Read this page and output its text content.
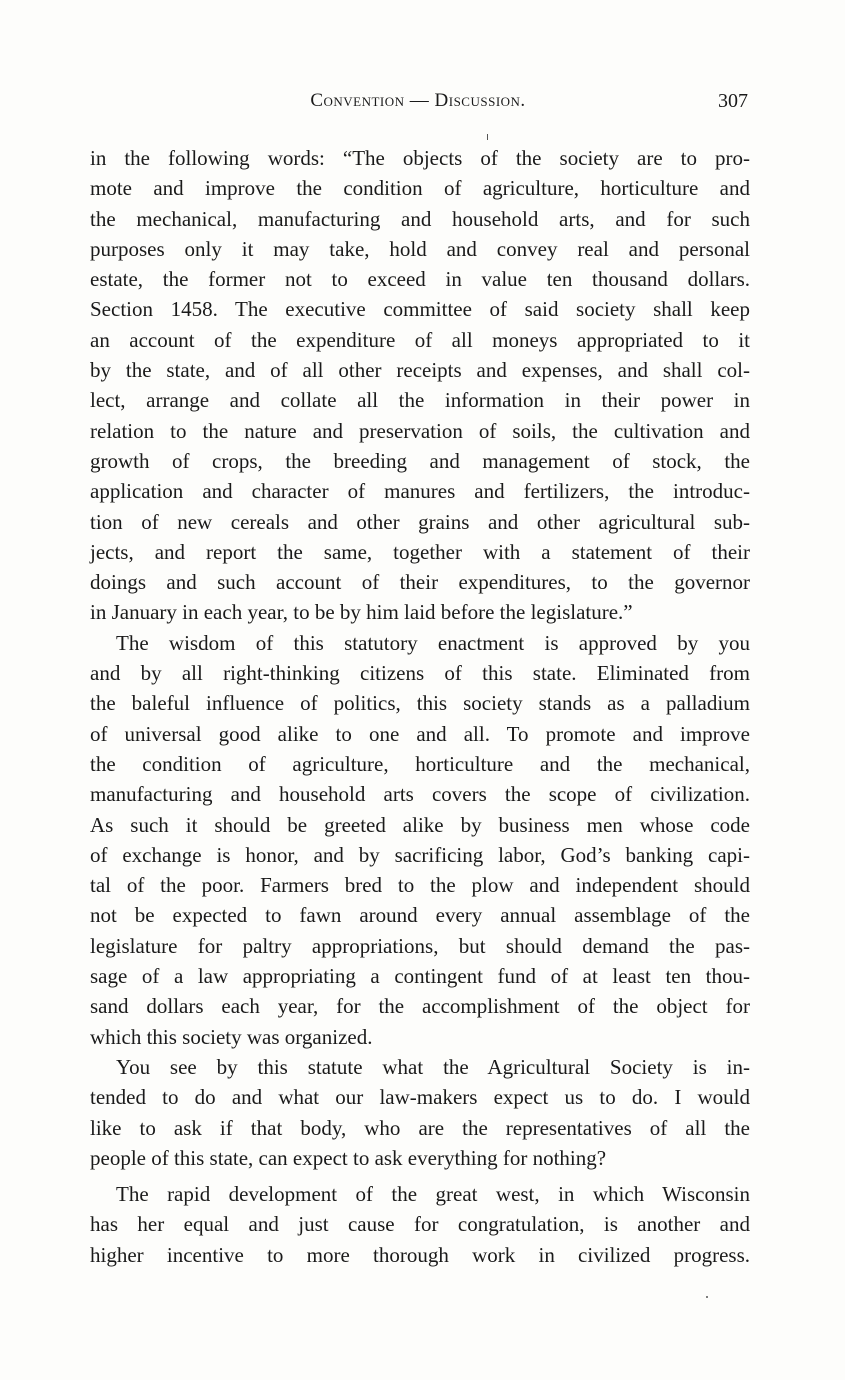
Convention — Discussion.	307
in the following words: “The objects of the society are to pro-
mote and improve the condition of agriculture, horticulture and
the mechanical, manufacturing and household arts, and for such
purposes only it may take, hold and convey real and personal
estate, the former not to exceed in value ten thousand dollars.
Section 1458. The executive committee of said society shall keep
an account of the expenditure of all moneys appropriated to it
by the state, and of all other receipts and expenses, and shall col-
lect, arrange and collate all the information in their power in
relation to the nature and preservation of soils, the cultivation and
growth of crops, the breeding and management of stock, the
application and character of manures and fertilizers, the introduc-
tion of new cereals and other grains and other agricultural sub-
jects, and report the same, together with a statement of their
doings and such account of their expenditures, to the governor
in January in each year, to be by him laid before the legislature.”
The wisdom of this statutory enactment is approved by you
and by all right-thinking citizens of this state. Eliminated from
the baleful influence of politics, this society stands as a palladium
of universal good alike to one and all. To promote and improve
the condition of agriculture, horticulture and the mechanical,
manufacturing and household arts covers the scope of civilization.
As such it should be greeted alike by business men whose code
of exchange is honor, and by sacrificing labor, God’s banking capi-
tal of the poor. Farmers bred to the plow and independent should
not be expected to fawn around every annual assemblage of the
legislature for paltry appropriations, but should demand the pas-
sage of a law appropriating a contingent fund of at least ten thou-
sand dollars each year, for the accomplishment of the object for
which this society was organized.
You see by this statute what the Agricultural Society is in-
tended to do and what our law-makers expect us to do. I would
like to ask if that body, who are the representatives of all the
people of this state, can expect to ask everything for nothing?
The rapid development of the great west, in which Wisconsin
has her equal and just cause for congratulation, is another and
higher incentive to more thorough work in civilized progress.
